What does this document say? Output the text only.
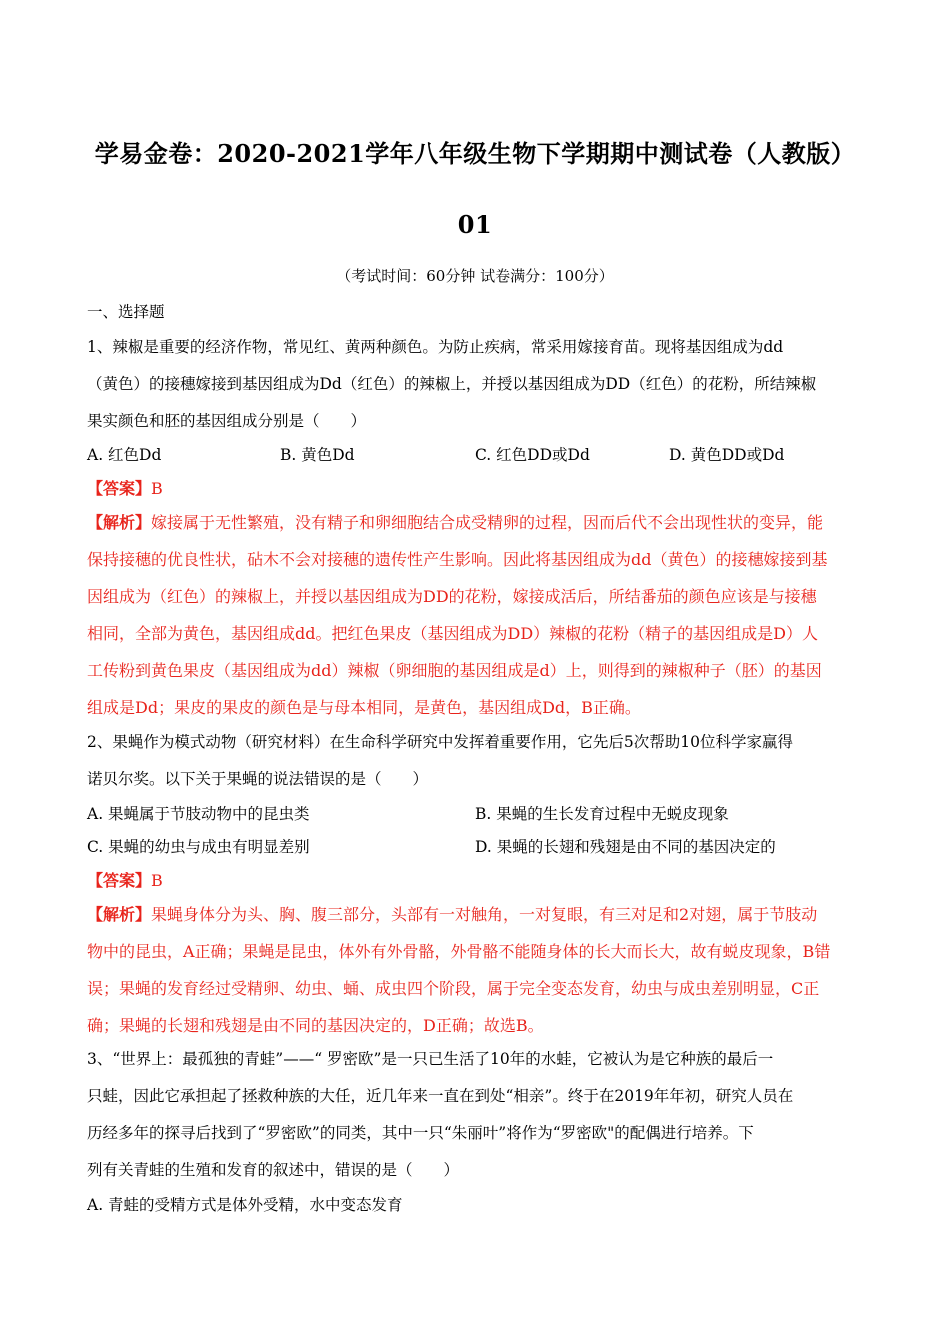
学易金卷：2020-2021学年八年级生物下学期期中测试卷（人教版）
01
（考试时间：60分钟 试卷满分：100分）
一、选择题
1、辣椒是重要的经济作物，常见红、黄两种颜色。为防止疾病，常采用嫁接育苗。现将基因组成为dd
（黄色）的接穗嫁接到基因组成为Dd（红色）的辣椒上，并授以基因组成为DD（红色）的花粉，所结辣椒
果实颜色和胚的基因组成分别是（　　）
A. 红色Dd	B. 黄色Dd	C. 红色DD或Dd	D. 黄色DD或Dd
【答案】B
【解析】嫁接属于无性繁殖，没有精子和卵细胞结合成受精卵的过程，因而后代不会出现性状的变异，能
保持接穗的优良性状，砧木不会对接穗的遗传性产生影响。因此将基因组成为dd（黄色）的接穗嫁接到基
因组成为（红色）的辣椒上，并授以基因组成为DD的花粉，嫁接成活后，所结番茄的颜色应该是与接穗
相同，全部为黄色，基因组成dd。把红色果皮（基因组成为DD）辣椒的花粉（精子的基因组成是D）人
工传粉到黄色果皮（基因组成为dd）辣椒（卵细胞的基因组成是d）上，则得到的辣椒种子（胚）的基因
组成是Dd；果皮的果皮的颜色是与母本相同，是黄色，基因组成Dd，B正确。
2、果蝇作为模式动物（研究材料）在生命科学研究中发挥着重要作用，它先后5次帮助10位科学家赢得
诺贝尔奖。以下关于果蝇的说法错误的是（　　）
A. 果蝇属于节肢动物中的昆虫类	B. 果蝇的生长发育过程中无蜕皮现象
C. 果蝇的幼虫与成虫有明显差别	D. 果蝇的长翅和残翅是由不同的基因决定的
【答案】B
【解析】果蝇身体分为头、胸、腹三部分，头部有一对触角，一对复眼，有三对足和2对翅，属于节肢动
物中的昆虫，A正确；果蝇是昆虫，体外有外骨骼，外骨骼不能随身体的长大而长大，故有蜕皮现象，B错
误；果蝇的发育经过受精卵、幼虫、蛹、成虫四个阶段，属于完全变态发育，幼虫与成虫差别明显，C正
确；果蝇的长翅和残翅是由不同的基因决定的，D正确；故选B。
3、“世界上：最孤独的青蛙”——“ 罗密欧”是一只已生活了10年的水蛙，它被认为是它种族的最后一
只蛙，因此它承担起了拯救种族的大任，近几年来一直在到处“相亲”。终于在2019年年初，研究人员在
历经多年的探寻后找到了“罗密欧”的同类，其中一只“朱丽叶”将作为“罗密欧"的配偶进行培养。下
列有关青蛙的生殖和发育的叙述中，错误的是（　　）
A. 青蛙的受精方式是体外受精，水中变态发育
